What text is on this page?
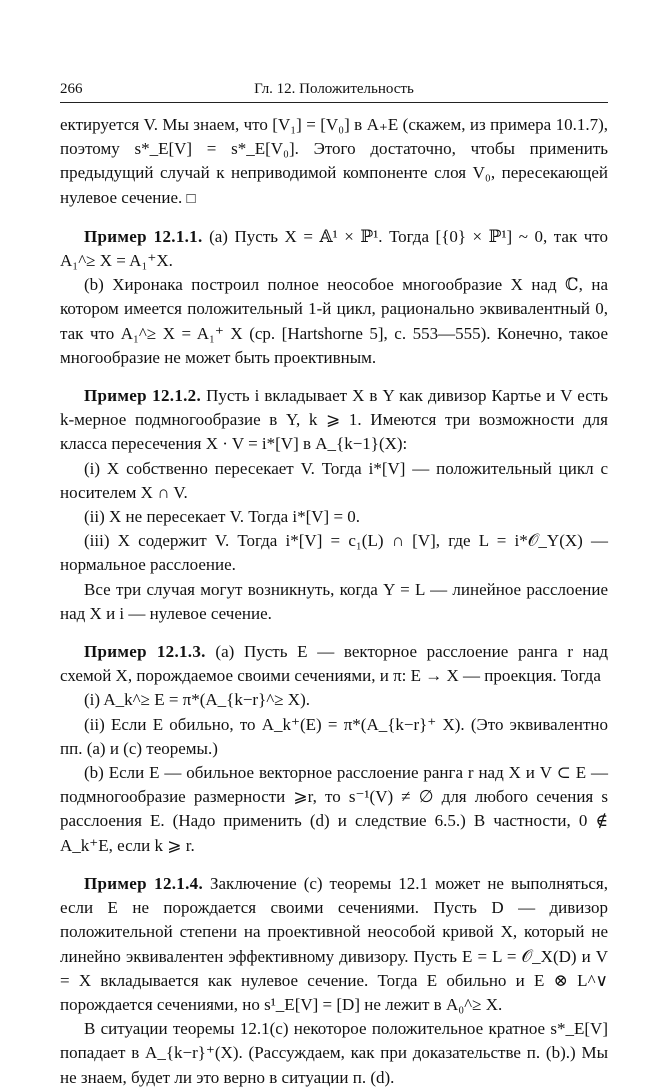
266	Гл. 12. Положительность

ектируется V. Мы знаем, что [V₁] = [V₀] в A₊E (скажем, из примера 10.1.7), поэтому s*_E[V] = s*_E[V₀]. Этого достаточно, чтобы применить предыдущий случай к неприводимой компоненте слоя V₀, пересекающей нулевое сечение. □

Пример 12.1.1. (а) Пусть X = 𝔸¹ × ℙ¹. Тогда [{0} × ℙ¹] ~ 0, так что A₁^≥ X = A₁⁺X.

(b) Хиронака построил полное неособое многообразие X над ℂ, на котором имеется положительный 1-й цикл, рационально эквивалентный 0, так что A₁^≥ X = A₁⁺ X (ср. [Hartshorne 5], с. 553—555). Конечно, такое многообразие не может быть проективным.

Пример 12.1.2. Пусть i вкладывает X в Y как дивизор Картье и V есть k-мерное подмногообразие в Y, k ⩾ 1. Имеются три возможности для класса пересечения X · V = i*[V] в A_{k−1}(X):

(i) X собственно пересекает V. Тогда i*[V] — положительный цикл с носителем X ∩ V.

(ii) X не пересекает V. Тогда i*[V] = 0.

(iii) X содержит V. Тогда i*[V] = c₁(L) ∩ [V], где L = i*𝒪_Y(X) — нормальное расслоение.

Все три случая могут возникнуть, когда Y = L — линейное расслоение над X и i — нулевое сечение.

Пример 12.1.3. (а) Пусть E — векторное расслоение ранга r над схемой X, порождаемое своими сечениями, и π: E → X — проекция. Тогда

(i) A_k^≥ E = π*(A_{k−r}^≥ X).

(ii) Если E обильно, то A_k⁺(E) = π*(A_{k−r}⁺ X). (Это эквивалентно пп. (а) и (с) теоремы.)

(b) Если E — обильное векторное расслоение ранга r над X и V ⊂ E — подмногообразие размерности ⩾r, то s⁻¹(V) ≠ ∅ для любого сечения s расслоения E. (Надо применить (d) и следствие 6.5.) В частности, 0 ∉ A_k⁺E, если k ⩾ r.

Пример 12.1.4. Заключение (с) теоремы 12.1 может не выполняться, если E не порождается своими сечениями. Пусть D — дивизор положительной степени на проективной неособой кривой X, который не линейно эквивалентен эффективному дивизору. Пусть E = L = 𝒪_X(D) и V = X вкладывается как нулевое сечение. Тогда E обильно и E ⊗ L^∨ порождается сечениями, но s¹_E[V] = [D] не лежит в A₀^≥ X.

В ситуации теоремы 12.1(с) некоторое положительное кратное s*_E[V] попадает в A_{k−r}⁺(X). (Рассуждаем, как при доказательстве п. (b).) Мы не знаем, будет ли это верно в ситуации п. (d).
